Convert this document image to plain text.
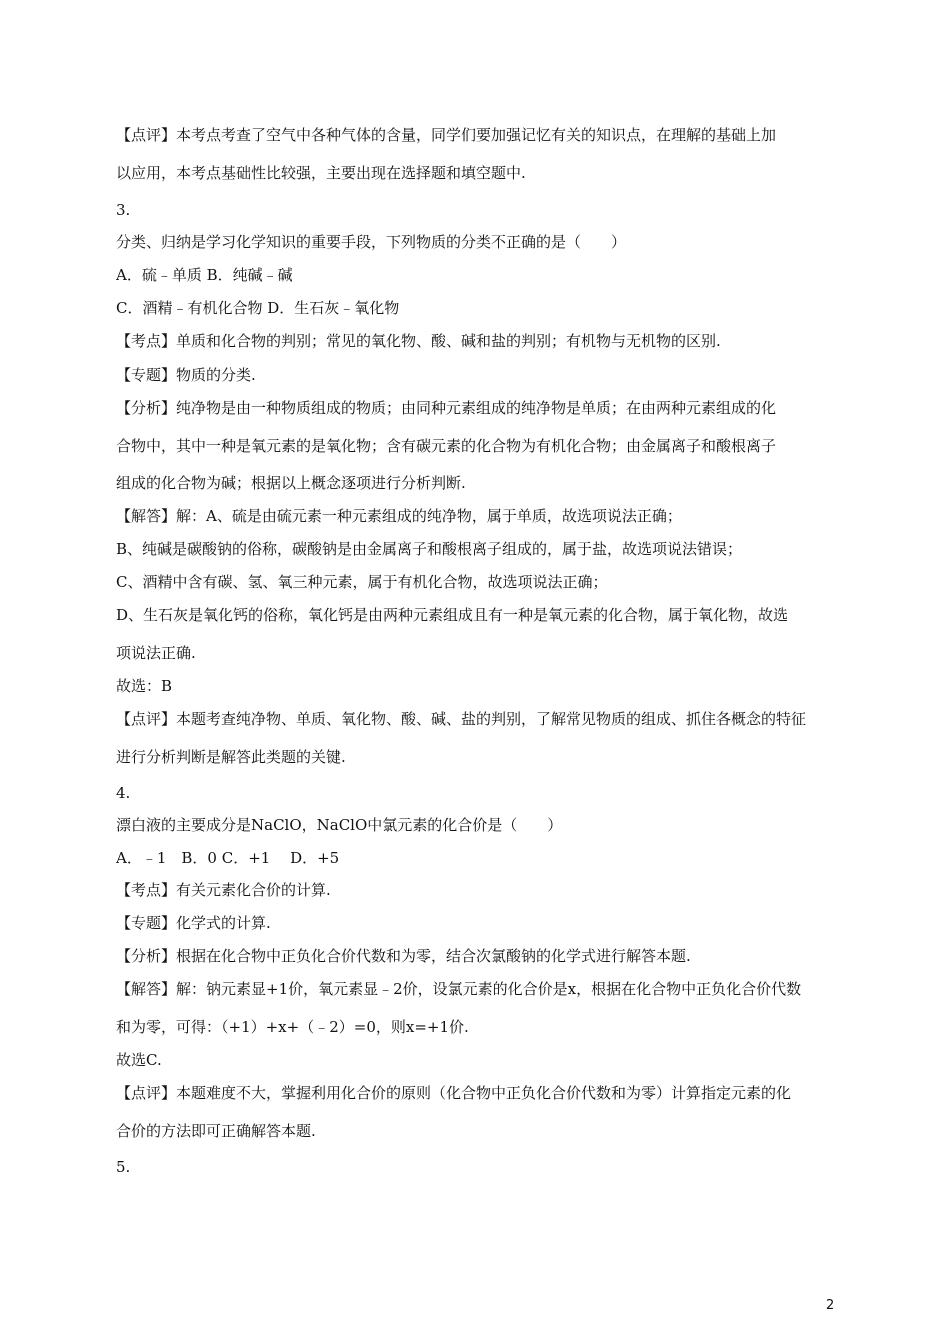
【点评】本考点考查了空气中各种气体的含量，同学们要加强记忆有关的知识点，在理解的基础上加
以应用，本考点基础性比较强，主要出现在选择题和填空题中.
3.
分类、归纳是学习化学知识的重要手段，下列物质的分类不正确的是（　　）
A．硫﹣单质 B．纯碱﹣碱
C．酒精﹣有机化合物 D．生石灰﹣氧化物
【考点】单质和化合物的判别；常见的氧化物、酸、碱和盐的判别；有机物与无机物的区别.
【专题】物质的分类.
【分析】纯净物是由一种物质组成的物质；由同种元素组成的纯净物是单质；在由两种元素组成的化
合物中，其中一种是氧元素的是氧化物；含有碳元素的化合物为有机化合物；由金属离子和酸根离子
组成的化合物为碱；根据以上概念逐项进行分析判断.
【解答】解：A、硫是由硫元素一种元素组成的纯净物，属于单质，故选项说法正确；
B、纯碱是碳酸钠的俗称，碳酸钠是由金属离子和酸根离子组成的，属于盐，故选项说法错误；
C、酒精中含有碳、氢、氧三种元素，属于有机化合物，故选项说法正确；
D、生石灰是氧化钙的俗称，氧化钙是由两种元素组成且有一种是氧元素的化合物，属于氧化物，故选
项说法正确.
故选：B
【点评】本题考查纯净物、单质、氧化物、酸、碱、盐的判别，了解常见物质的组成、抓住各概念的特征
进行分析判断是解答此类题的关键.
4.
漂白液的主要成分是NaClO，NaClO中氯元素的化合价是（　　）
A．﹣1　B．0 C．+1　 D．+5
【考点】有关元素化合价的计算.
【专题】化学式的计算.
【分析】根据在化合物中正负化合价代数和为零，结合次氯酸钠的化学式进行解答本题.
【解答】解：钠元素显+1价，氧元素显﹣2价，设氯元素的化合价是x，根据在化合物中正负化合价代数
和为零，可得：（+1）+x+（﹣2）=0，则x=+1价.
故选C.
【点评】本题难度不大，掌握利用化合价的原则（化合物中正负化合价代数和为零）计算指定元素的化
合价的方法即可正确解答本题.
5.
2
